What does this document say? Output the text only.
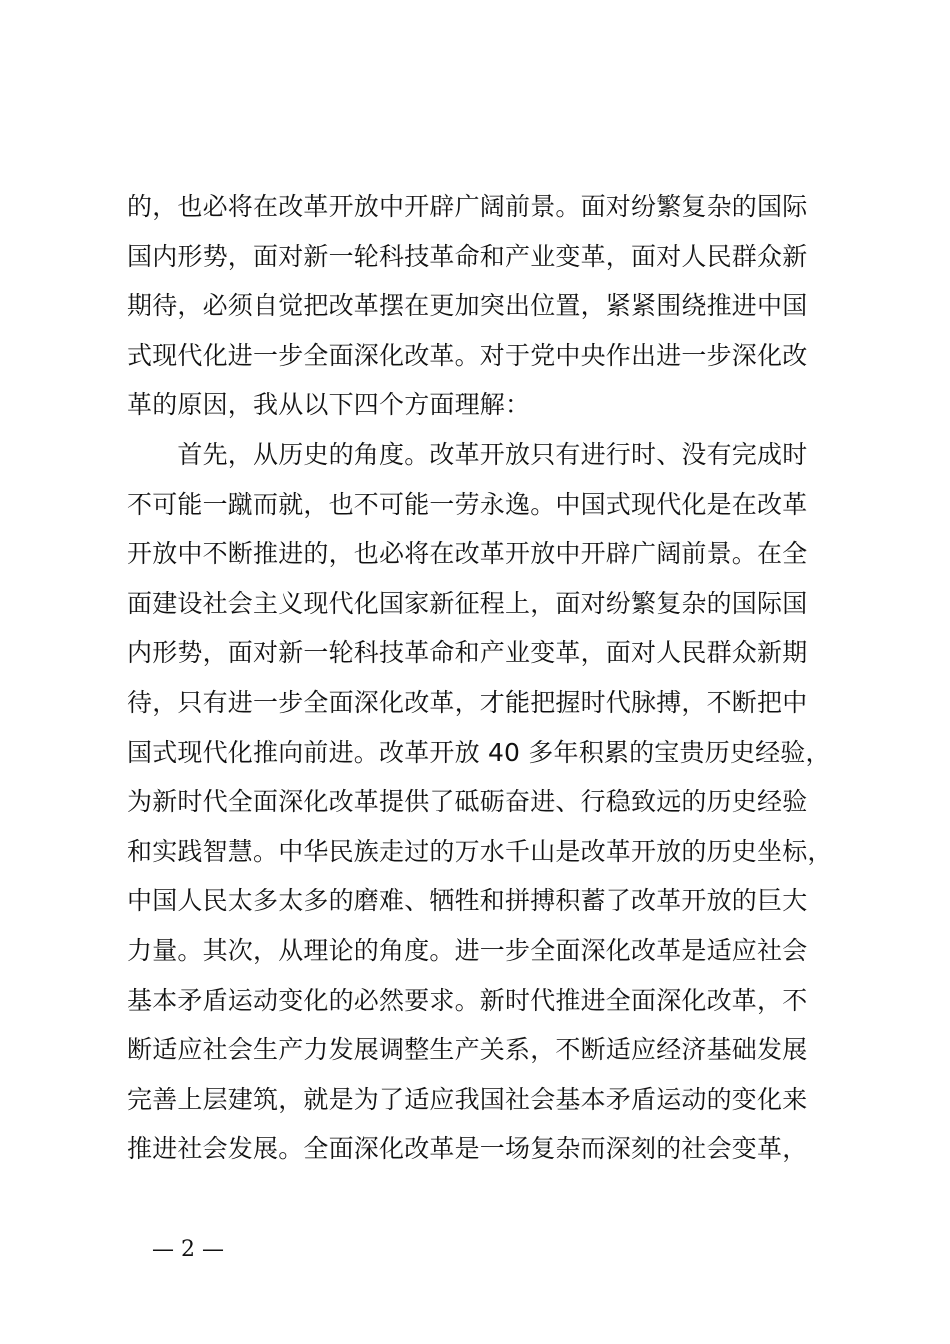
的，也必将在改革开放中开辟广阔前景。面对纷繁复杂的国际
国内形势，面对新一轮科技革命和产业变革，面对人民群众新
期待，必须自觉把改革摆在更加突出位置，紧紧围绕推进中国
式现代化进一步全面深化改革。对于党中央作出进一步深化改
革的原因，我从以下四个方面理解：
　　首先，从历史的角度。改革开放只有进行时、没有完成时
不可能一蹴而就，也不可能一劳永逸。中国式现代化是在改革
开放中不断推进的，也必将在改革开放中开辟广阔前景。在全
面建设社会主义现代化国家新征程上，面对纷繁复杂的国际国
内形势，面对新一轮科技革命和产业变革，面对人民群众新期
待，只有进一步全面深化改革，才能把握时代脉搏，不断把中
国式现代化推向前进。改革开放 40 多年积累的宝贵历史经验，
为新时代全面深化改革提供了砥砺奋进、行稳致远的历史经验
和实践智慧。中华民族走过的万水千山是改革开放的历史坐标，
中国人民太多太多的磨难、牺牲和拼搏积蓄了改革开放的巨大
力量。其次，从理论的角度。进一步全面深化改革是适应社会
基本矛盾运动变化的必然要求。新时代推进全面深化改革，不
断适应社会生产力发展调整生产关系，不断适应经济基础发展
完善上层建筑，就是为了适应我国社会基本矛盾运动的变化来
推进社会发展。全面深化改革是一场复杂而深刻的社会变革，
— 2 —
